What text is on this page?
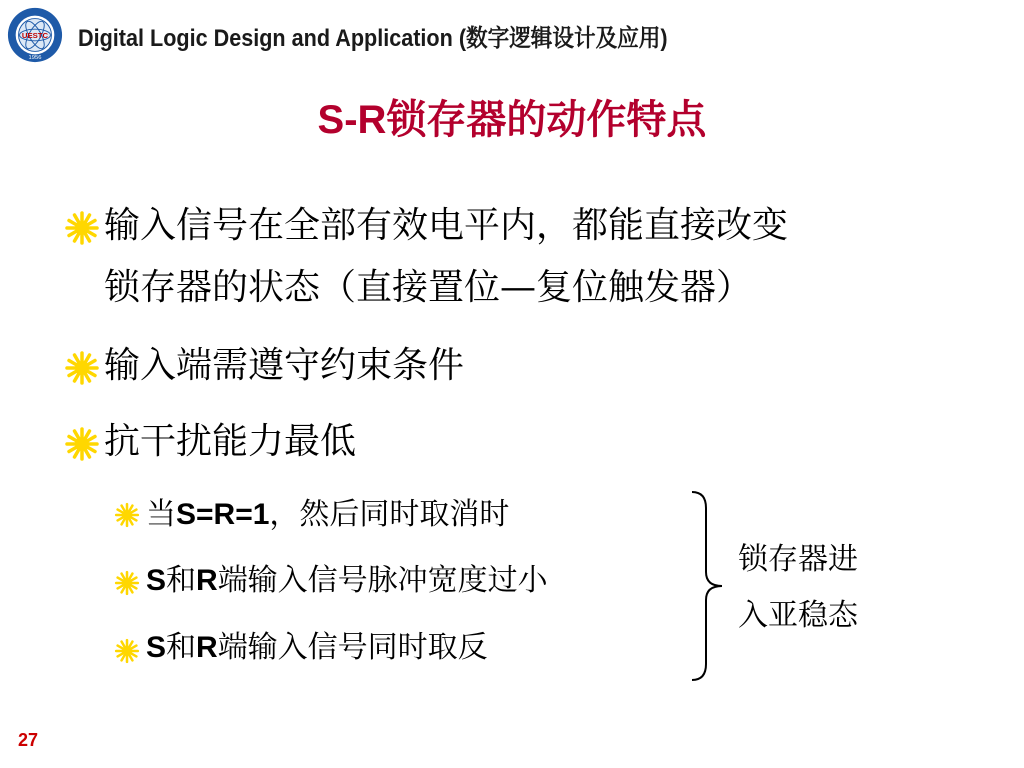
UESTC
1956
Digital Logic Design and Application (数字逻辑设计及应用)
S-R锁存器的动作特点
输入信号在全部有效电平内，都能直接改变
锁存器的状态（直接置位—复位触发器）
输入端需遵守约束条件
抗干扰能力最低
当S=R=1，然后同时取消时
S和R端输入信号脉冲宽度过小
S和R端输入信号同时取反
锁存器进
入亚稳态
27
